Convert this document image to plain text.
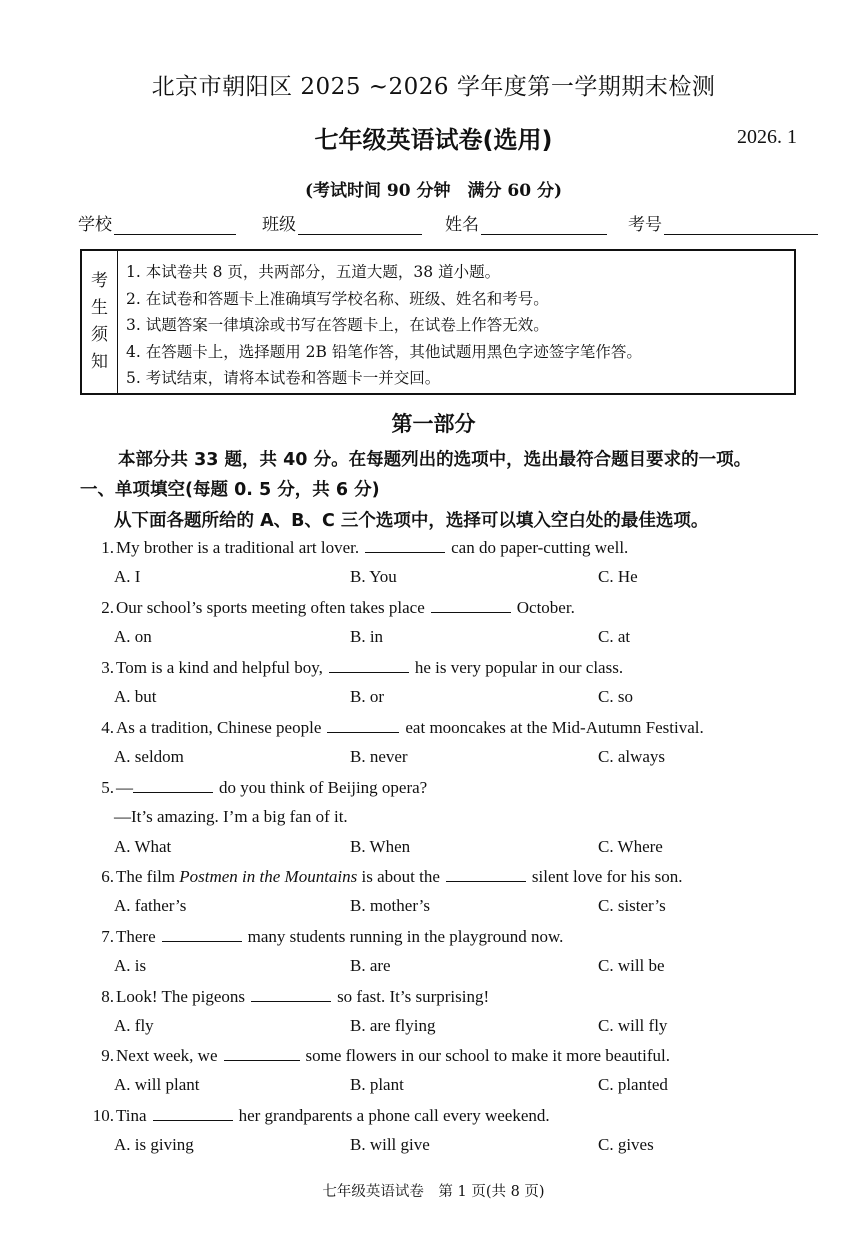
北京市朝阳区 2025 ~2026 学年度第一学期期末检测
七年级英语试卷(选用)	2026. 1
(考试时间 90 分钟　满分 60 分)
学校	班级	姓名	考号
考
生
须
知
1. 本试卷共 8 页，共两部分，五道大题，38 道小题。
2. 在试卷和答题卡上准确填写学校名称、班级、姓名和考号。
3. 试题答案一律填涂或书写在答题卡上，在试卷上作答无效。
4. 在答题卡上，选择题用 2B 铅笔作答，其他试题用黑色字迹签字笔作答。
5. 考试结束，请将本试卷和答题卡一并交回。
第一部分
本部分共 33 题，共 40 分。在每题列出的选项中，选出最符合题目要求的一项。
一、单项填空(每题 0. 5 分，共 6 分)
从下面各题所给的 A、B、C 三个选项中，选择可以填入空白处的最佳选项。
1. My brother is a traditional art lover.	can do paper-cutting well.
A. I	B. You	C. He
2. Our school’s sports meeting often takes place	October.
A. on	B. in	C. at
3. Tom is a kind and helpful boy,	he is very popular in our class.
A. but	B. or	C. so
4. As a tradition, Chinese people	eat mooncakes at the Mid-Autumn Festival.
A. seldom	B. never	C. always
5. —	do you think of Beijing opera?
—It’s amazing. I’m a big fan of it.
A. What	B. When	C. Where
6. The film Postmen in the Mountains is about the	silent love for his son.
A. father’s	B. mother’s	C. sister’s
7. There	many students running in the playground now.
A. is	B. are	C. will be
8. Look! The pigeons	so fast. It’s surprising!
A. fly	B. are flying	C. will fly
9. Next week, we	some flowers in our school to make it more beautiful.
A. will plant	B. plant	C. planted
10. Tina	her grandparents a phone call every weekend.
A. is giving	B. will give	C. gives
七年级英语试卷　第 1 页(共 8 页)
